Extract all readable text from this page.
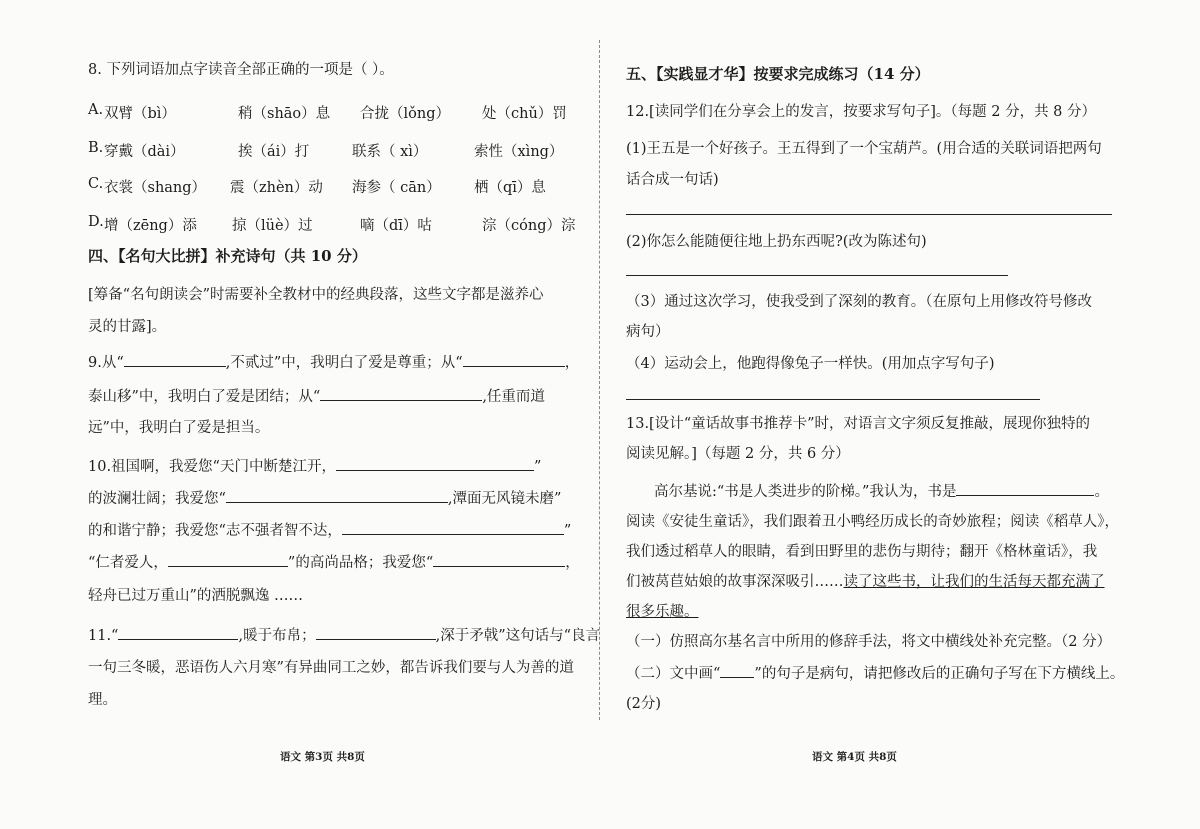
8. 下列词语加点字读音全部正确的一项是（ ）。
A. 双臂（bì）	稍（shāo）息 合拢（lǒng） 处（chǔ）罚
B. 穿戴（dài）	挨（ái）打	联系（ xì）	索性（xìng）
C. 衣裳（shang） 震（zhèn）动 海参（ cān） 栖（qī）息
D. 增（zēng）添 掠（lüè）过	嘀（dī）咕	淙（cóng）淙
四、【名句大比拼】补充诗句（共 10 分）
[筹备“名句朗读会”时需要补全教材中的经典段落，这些文字都是滋养心
灵的甘露]。
9.从“	,不贰过”中，我明白了爱是尊重；从“	，
泰山移”中，我明白了爱是团结；从“	,任重而道
远”中，我明白了爱是担当。
10.祖国啊，我爱您“天门中断楚江开，	”
的波澜壮阔；我爱您“	,潭面无风镜未磨”
的和谐宁静；我爱您“志不强者智不达，	”
“仁者爱人，	”的高尚品格；我爱您“	，
轻舟已过万重山”的洒脱飘逸 ……
11.“	,暖于布帛；	,深于矛戟”这句话与“良言
一句三冬暖，恶语伤人六月寒”有异曲同工之妙，都告诉我们要与人为善的道
理。
语文 第3页 共8页
五、【实践显才华】按要求完成练习（14 分）
12.[读同学们在分享会上的发言，按要求写句子]。（每题 2 分，共 8 分）
(1)王五是一个好孩子。王五得到了一个宝葫芦。(用合适的关联词语把两句
话合成一句话)
(2)你怎么能随便往地上扔东西呢?(改为陈述句)
（3）通过这次学习，使我受到了深刻的教育。（在原句上用修改符号修改
病句）
（4）运动会上，他跑得像兔子一样快。(用加点字写句子)
13.[设计“童话故事书推荐卡”时，对语言文字须反复推敲，展现你独特的
阅读见解。]（每题 2 分，共 6 分）
高尔基说:“书是人类进步的阶梯。”我认为，书是	。
阅读《安徒生童话》，我们跟着丑小鸭经历成长的奇妙旅程；阅读《稻草人》，
我们透过稻草人的眼睛，看到田野里的悲伤与期待；翻开《格林童话》，我
们被莴苣姑娘的故事深深吸引……读了这些书，让我们的生活每天都充满了
很多乐趣。
（一）仿照高尔基名言中所用的修辞手法，将文中横线处补充完整。（2 分）
（二）文中画“ ”的句子是病句，请把修改后的正确句子写在下方横线上。
(2分)
语文 第4页 共8页
